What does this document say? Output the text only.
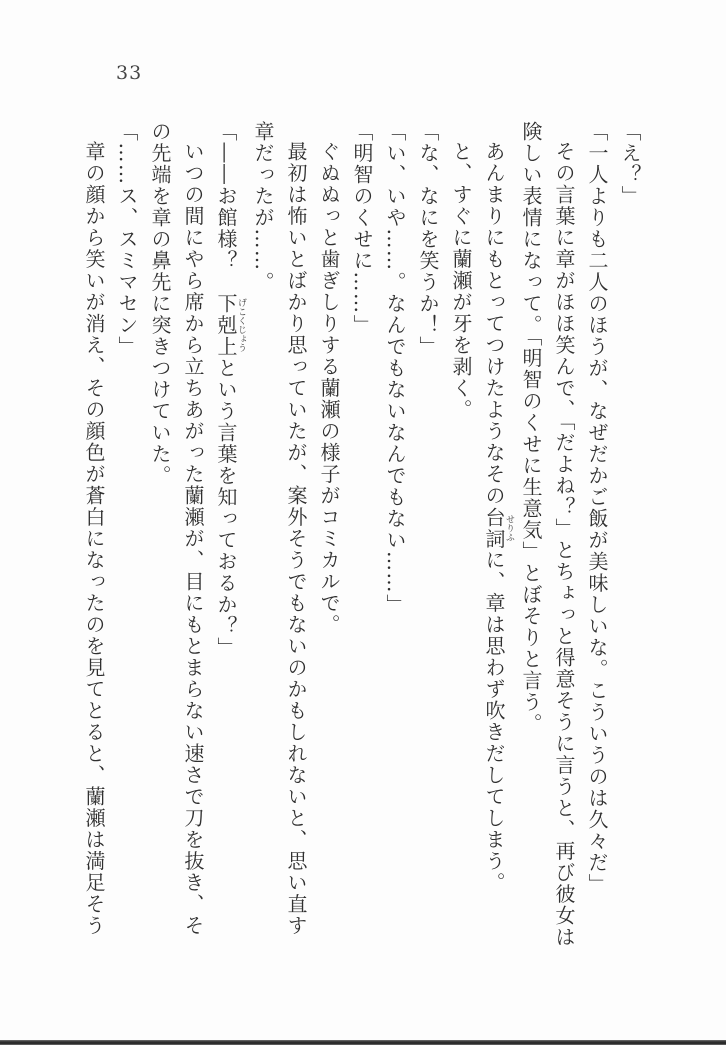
33

「え？」

「一人よりも二人のほうが、なぜだかご飯が美味しいな。こういうのは久々だ」

その言葉に章がほほ笑んで、「だよね？」とちょっと得意そうに言うと、再び彼女は険しい表情になって。「明智のくせに生意気」とぼそりと言う。

あんまりにもとってつけたようなその台詞せりふに、章は思わず吹きだしてしまう。

と、すぐに蘭瀬が牙を剥く。

「な、なにを笑うか！」

「い、いや……。なんでもないなんでもない……」

「明智のくせに……」

ぐぬぬっと歯ぎしりする蘭瀬の様子がコミカルで。

最初は怖いとばかり思っていたが、案外そうでもないのかもしれないと、思い直す章だったが……。

「――お館様？　下剋上げこくじょうという言葉を知っておるか？」

いつの間にやら席から立ちあがった蘭瀬が、目にもとまらない速さで刀を抜き、その先端を章の鼻先に突きつけていた。

「……ス、スミマセン」

章の顔から笑いが消え、その顔色が蒼白になったのを見てとると、蘭瀬は満足そう
